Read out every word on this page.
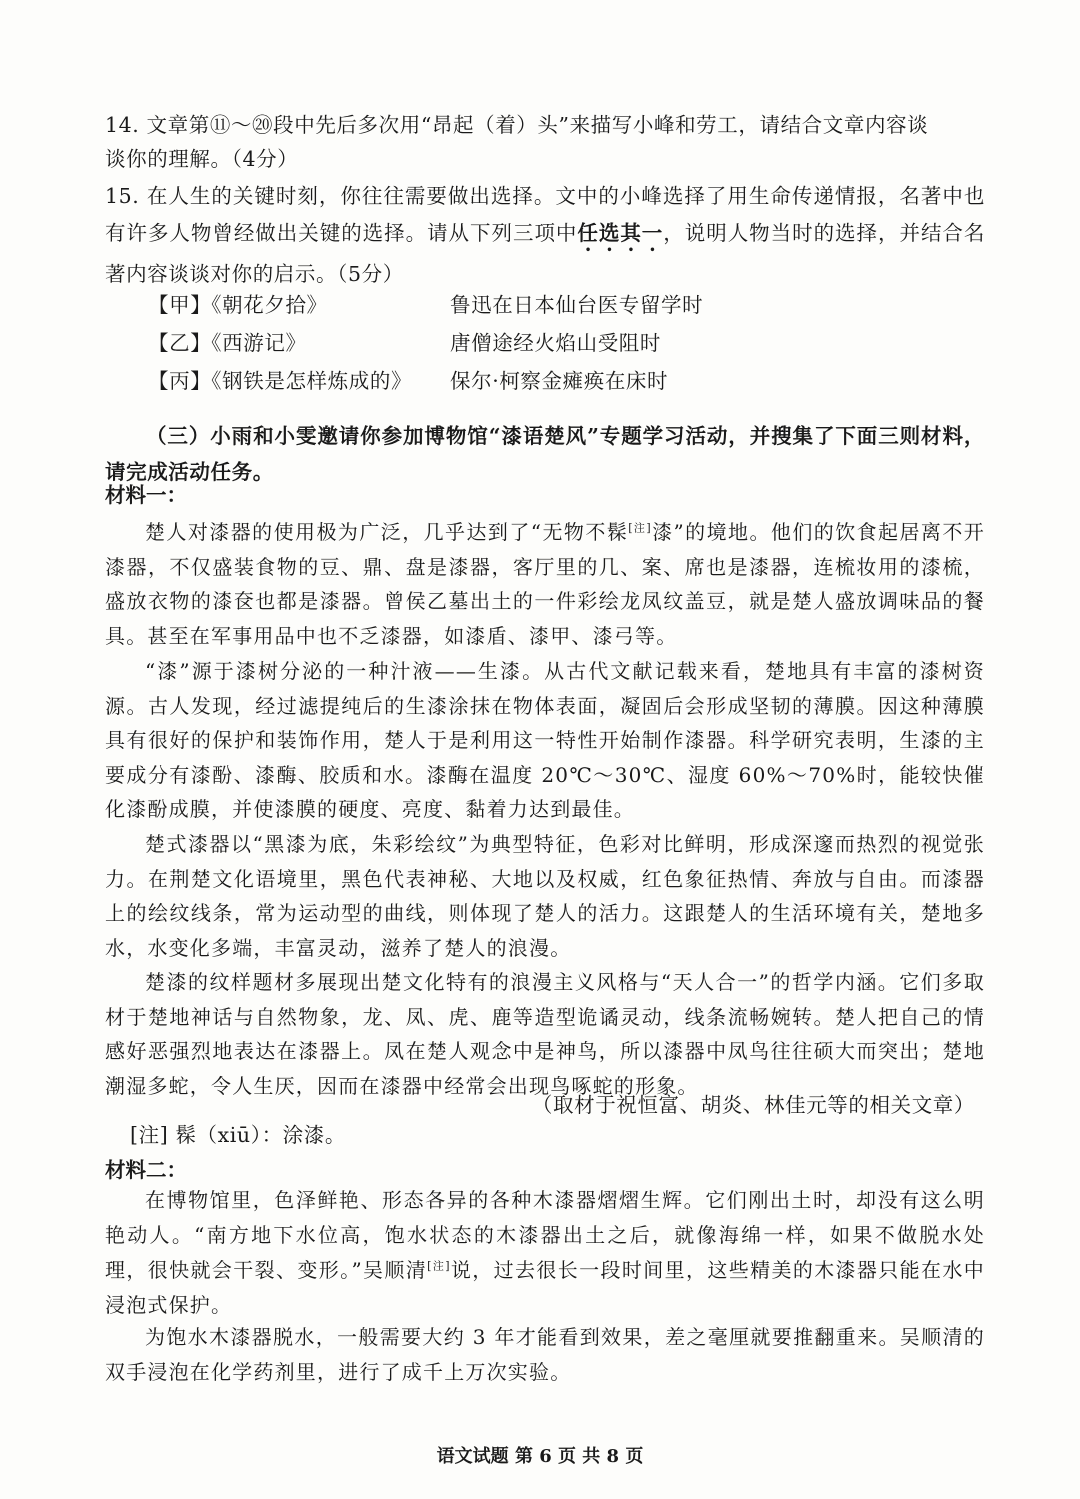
14. 文章第⑪～⑳段中先后多次用“昂起（着）头”来描写小峰和劳工，请结合文章内容谈
谈你的理解。（4分）
15. 在人生的关键时刻，你往往需要做出选择。文中的小峰选择了用生命传递情报，名著中也有许多人物曾经做出关键的选择。请从下列三项中任选其一，说明人物当时的选择，并结合名著内容谈谈对你的启示。（5分）
【甲】《朝花夕拾》	鲁迅在日本仙台医专留学时
【乙】《西游记》	唐僧途经火焰山受阻时
【丙】《钢铁是怎样炼成的》 保尔·柯察金瘫痪在床时
（三）小雨和小雯邀请你参加博物馆“漆语楚风”专题学习活动，并搜集了下面三则材料，请完成活动任务。
材料一：
楚人对漆器的使用极为广泛，几乎达到了“无物不髹[注]漆”的境地。他们的饮食起居离不开漆器，不仅盛装食物的豆、鼎、盘是漆器，客厅里的几、案、席也是漆器，连梳妆用的漆梳，盛放衣物的漆奁也都是漆器。曾侯乙墓出土的一件彩绘龙凤纹盖豆，就是楚人盛放调味品的餐具。甚至在军事用品中也不乏漆器，如漆盾、漆甲、漆弓等。
“漆”源于漆树分泌的一种汁液——生漆。从古代文献记载来看，楚地具有丰富的漆树资源。古人发现，经过滤提纯后的生漆涂抹在物体表面，凝固后会形成坚韧的薄膜。因这种薄膜具有很好的保护和装饰作用，楚人于是利用这一特性开始制作漆器。科学研究表明，生漆的主要成分有漆酚、漆酶、胶质和水。漆酶在温度 20℃～30℃、湿度 60%～70%时，能较快催化漆酚成膜，并使漆膜的硬度、亮度、黏着力达到最佳。
楚式漆器以“黑漆为底，朱彩绘纹”为典型特征，色彩对比鲜明，形成深邃而热烈的视觉张力。在荆楚文化语境里，黑色代表神秘、大地以及权威，红色象征热情、奔放与自由。而漆器上的绘纹线条，常为运动型的曲线，则体现了楚人的活力。这跟楚人的生活环境有关，楚地多水，水变化多端，丰富灵动，滋养了楚人的浪漫。
楚漆的纹样题材多展现出楚文化特有的浪漫主义风格与“天人合一”的哲学内涵。它们多取材于楚地神话与自然物象，龙、凤、虎、鹿等造型诡谲灵动，线条流畅婉转。楚人把自己的情感好恶强烈地表达在漆器上。凤在楚人观念中是神鸟，所以漆器中凤鸟往往硕大而突出；楚地潮湿多蛇，令人生厌，因而在漆器中经常会出现鸟啄蛇的形象。
（取材于祝恒富、胡炎、林佳元等的相关文章）
[注] 髹（xiū）：涂漆。
材料二：
在博物馆里，色泽鲜艳、形态各异的各种木漆器熠熠生辉。它们刚出土时，却没有这么明艳动人。“南方地下水位高，饱水状态的木漆器出土之后，就像海绵一样，如果不做脱水处理，很快就会干裂、变形。”吴顺清[注]说，过去很长一段时间里，这些精美的木漆器只能在水中浸泡式保护。
为饱水木漆器脱水，一般需要大约 3 年才能看到效果，差之毫厘就要推翻重来。吴顺清的双手浸泡在化学药剂里，进行了成千上万次实验。
语文试题 第 6 页 共 8 页
